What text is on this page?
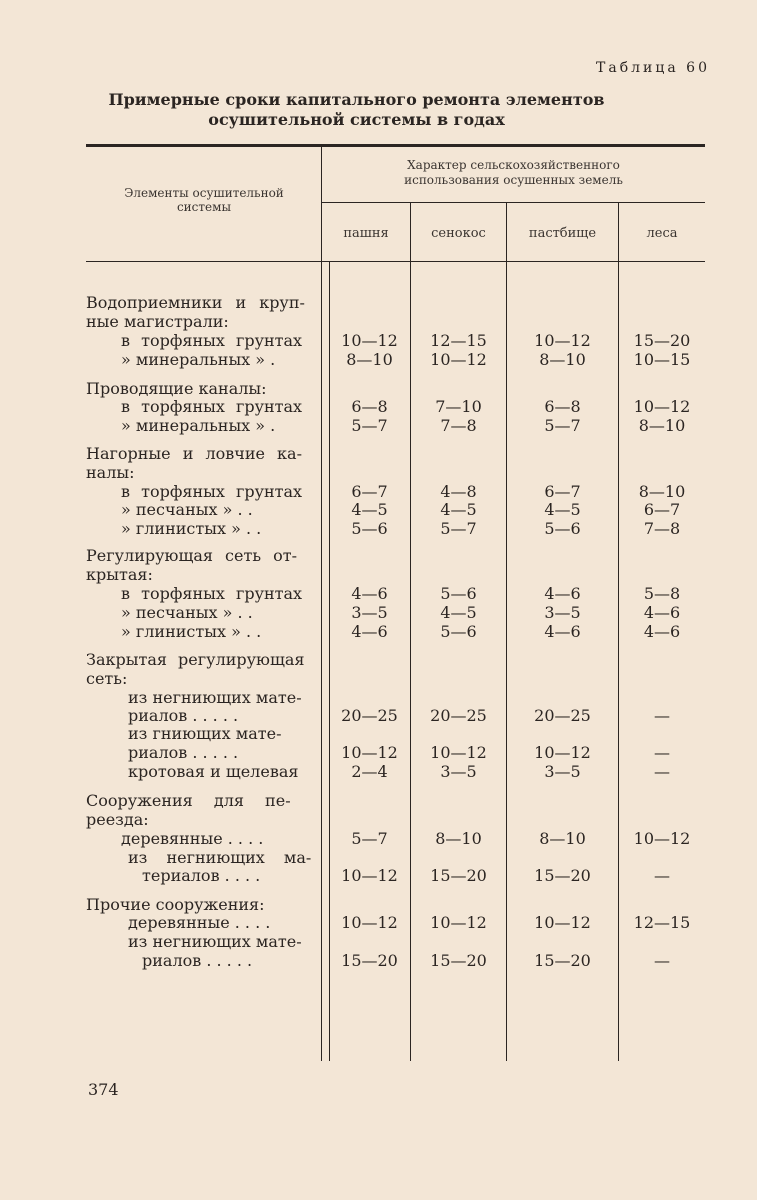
Таблица 60
Примерные сроки капитального ремонта элементов
осушительной системы в годах
Элементы осушительной
системы
Характер сельскохозяйственного
использования осушенных земель
пашня	сенокос	пастбище	леса
Водоприемники и круп-
ные магистрали:
в торфяных грунтах	10—12	12—15	10—12	15—20
» минеральных » .	8—10	10—12	8—10	10—15
Проводящие каналы:
в торфяных грунтах	6—8	7—10	6—8	10—12
» минеральных » .	5—7	7—8	5—7	8—10
Нагорные и ловчие ка-
налы:
в торфяных грунтах	6—7	4—8	6—7	8—10
» песчаных » . .	4—5	4—5	4—5	6—7
» глинистых » . .	5—6	5—7	5—6	7—8
Регулирующая сеть от-
крытая:
в торфяных грунтах	4—6	5—6	4—6	5—8
» песчаных » . .	3—5	4—5	3—5	4—6
» глинистых » . .	4—6	5—6	4—6	4—6
Закрытая регулирующая
сеть:
из негниющих мате-
риалов . . . . .	20—25	20—25	20—25	—
из гниющих мате-
риалов . . . . .	10—12	10—12	10—12	—
кротовая и щелевая	2—4	3—5	3—5	—
Сооружения для пе-
реезда:
деревянные . . . .	5—7	8—10	8—10	10—12
из негниющих ма-
териалов . . . .	10—12	15—20	15—20	—
Прочие сооружения:
деревянные . . . .	10—12	10—12	10—12	12—15
из негниющих мате-
риалов . . . . .	15—20	15—20	15—20	—
374
